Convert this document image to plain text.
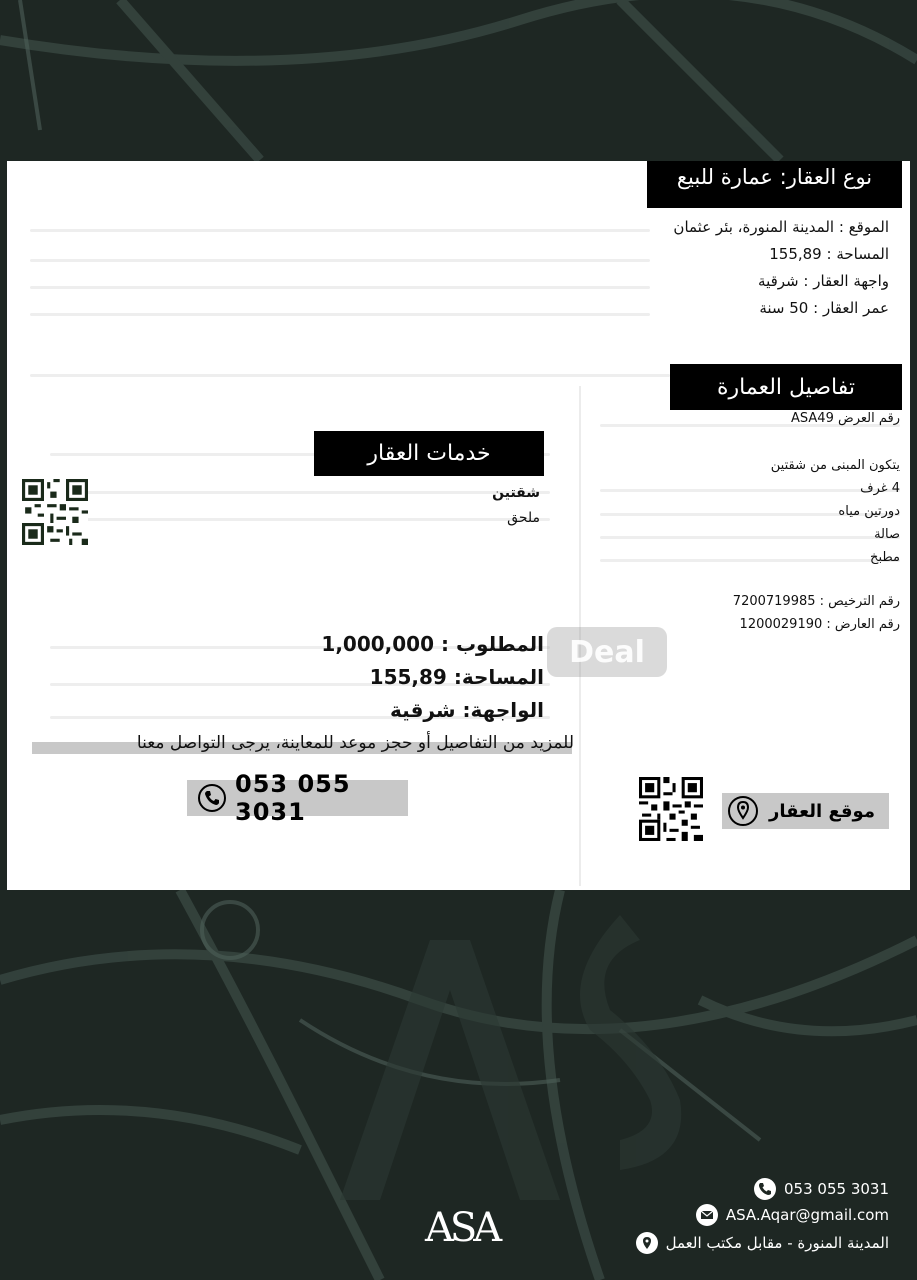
نوع العقار: عمارة للبيع
الموقع : المدينة المنورة، بئر عثمان
المساحة : 155,89
واجهة العقار : شرقية
عمر العقار : 50 سنة
تفاصيل العمارة
رقم العرض ASA49
يتكون المبنى من شقتين
4 غرف
دورتين مياه
صالة
مطبخ
رقم الترخيص : 7200719985
رقم العارض : 1200029190
خدمات العقار
شقتين
ملحق
Deal
المطلوب : 1,000,000
المساحة: 155,89
الواجهة: شرقية
للمزيد من التفاصيل أو حجز موعد للمعاينة، يرجى التواصل معنا
053 055 3031	موقع العقار
053 055 3031
ASA.Aqar@gmail.com
المدينة المنورة - مقابل مكتب العمل
ASA
